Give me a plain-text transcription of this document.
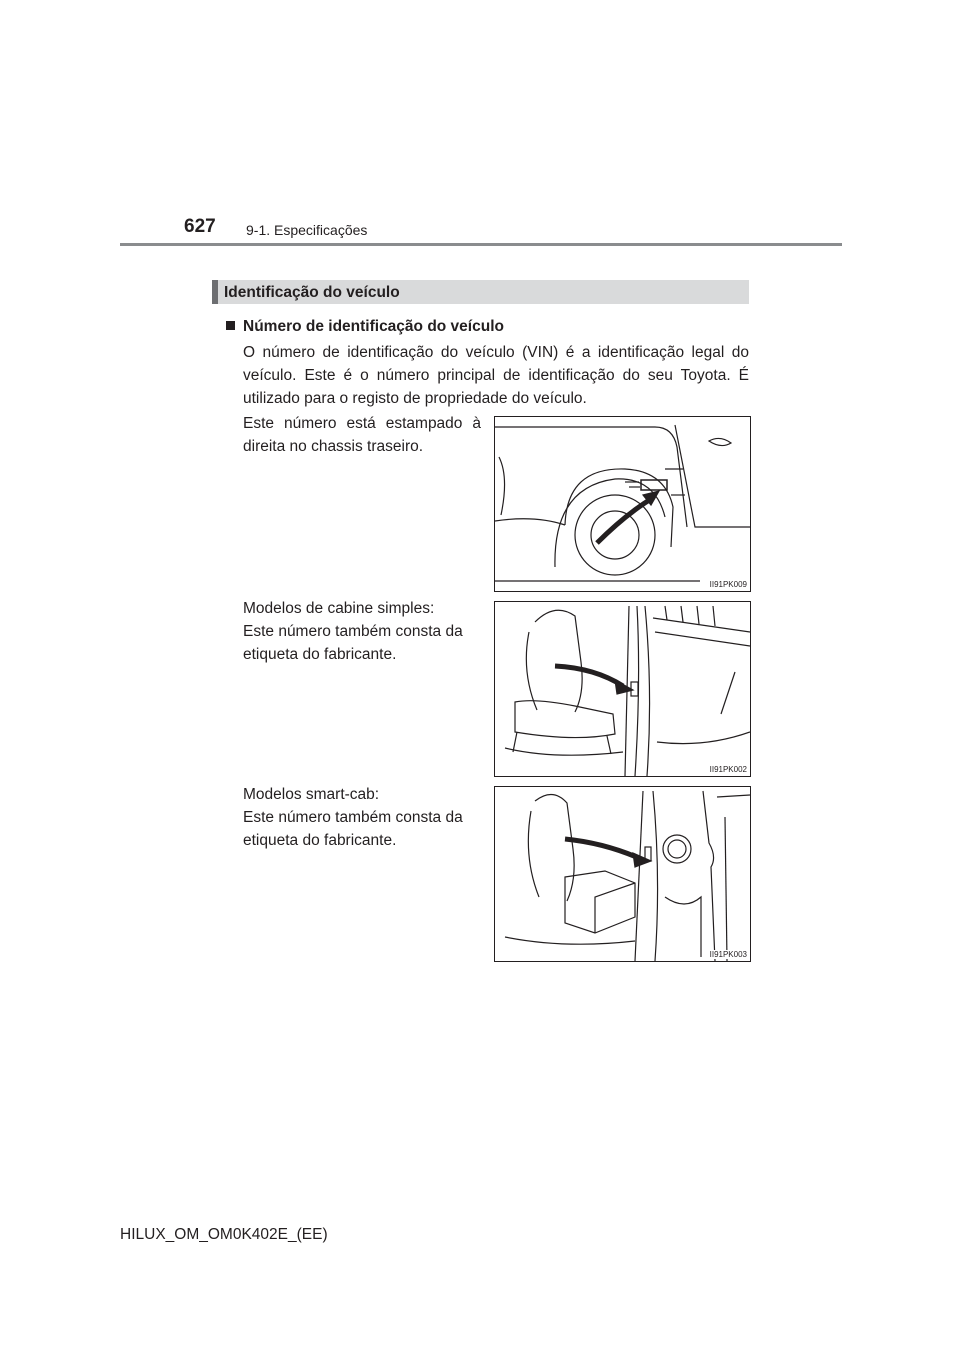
627 9-1. Especificações
Identificação do veículo
Número de identificação do veículo
O número de identificação do veículo (VIN) é a identificação legal do veículo. Este é o número principal de identificação do seu Toyota. É utilizado para o registo de propriedade do veículo.
Este número está estampado à direita no chassis traseiro.
Modelos de cabine simples:
Este número também consta da etiqueta do fabricante.
Modelos smart-cab:
Este número também consta da etiqueta do fabricante.
II91PK009
II91PK002
II91PK003
HILUX_OM_OM0K402E_(EE)
